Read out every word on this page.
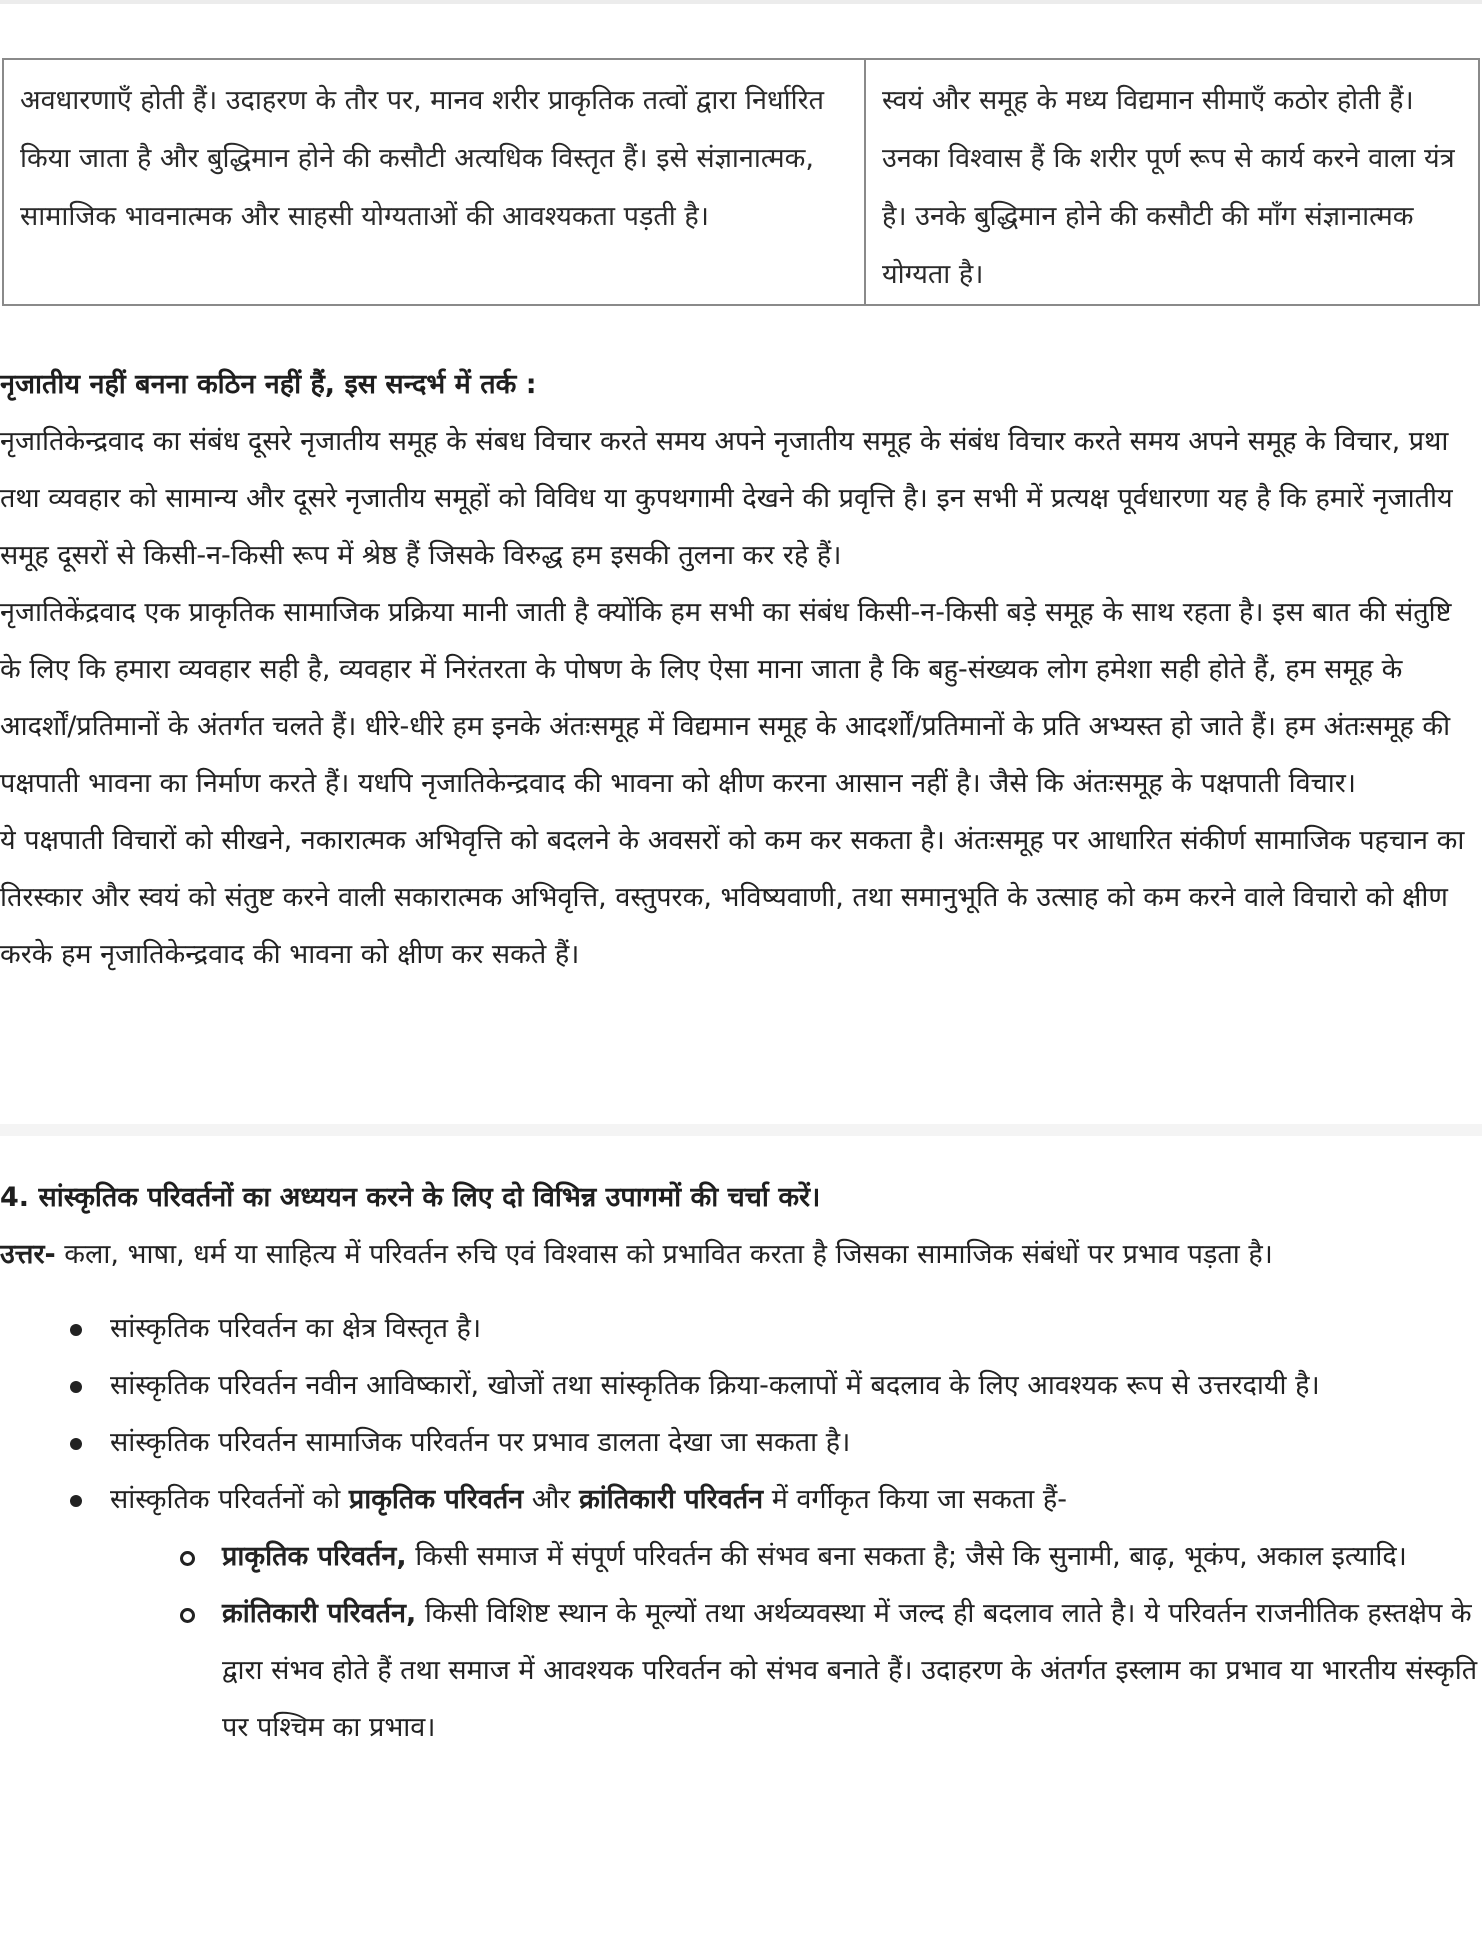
अवधारणाएँ होती हैं। उदाहरण के तौर पर, मानव शरीर प्राकृतिक तत्वों द्वारा निर्धारित किया जाता है और बुद्धिमान होने की कसौटी अत्यधिक विस्तृत हैं। इसे संज्ञानात्मक, सामाजिक भावनात्मक और साहसी योग्यताओं की आवश्यकता पड़ती है।	स्वयं और समूह के मध्य विद्यमान सीमाएँ कठोर होती हैं। उनका विश्वास हैं कि शरीर पूर्ण रूप से कार्य करने वाला यंत्र है। उनके बुद्धिमान होने की कसौटी की माँग संज्ञानात्मक योग्यता है।

नृजातीय नहीं बनना कठिन नहीं हैं, इस सन्दर्भ में तर्क :

नृजातिकेन्द्रवाद का संबंध दूसरे नृजातीय समूह के संबध विचार करते समय अपने नृजातीय समूह के संबंध विचार करते समय अपने समूह के विचार, प्रथा तथा व्यवहार को सामान्य और दूसरे नृजातीय समूहों को विविध या कुपथगामी देखने की प्रवृत्ति है। इन सभी में प्रत्यक्ष पूर्वधारणा यह है कि हमारें नृजातीय समूह दूसरों से किसी-न-किसी रूप में श्रेष्ठ हैं जिसके विरुद्ध हम इसकी तुलना कर रहे हैं।

नृजातिकेंद्रवाद एक प्राकृतिक सामाजिक प्रक्रिया मानी जाती है क्योंकि हम सभी का संबंध किसी-न-किसी बड़े समूह के साथ रहता है। इस बात की संतुष्टि के लिए कि हमारा व्यवहार सही है, व्यवहार में निरंतरता के पोषण के लिए ऐसा माना जाता है कि बहु-संख्यक लोग हमेशा सही होते हैं, हम समूह के आदर्शों/प्रतिमानों के अंतर्गत चलते हैं। धीरे-धीरे हम इनके अंतःसमूह में विद्यमान समूह के आदर्शों/प्रतिमानों के प्रति अभ्यस्त हो जाते हैं। हम अंतःसमूह की पक्षपाती भावना का निर्माण करते हैं। यधपि नृजातिकेन्द्रवाद की भावना को क्षीण करना आसान नहीं है। जैसे कि अंतःसमूह के पक्षपाती विचार।

ये पक्षपाती विचारों को सीखने, नकारात्मक अभिवृत्ति को बदलने के अवसरों को कम कर सकता है। अंतःसमूह पर आधारित संकीर्ण सामाजिक पहचान का तिरस्कार और स्वयं को संतुष्ट करने वाली सकारात्मक अभिवृत्ति, वस्तुपरक, भविष्यवाणी, तथा समानुभूति के उत्साह को कम करने वाले विचारो को क्षीण करके हम नृजातिकेन्द्रवाद की भावना को क्षीण कर सकते हैं।

4. सांस्कृतिक परिवर्तनों का अध्ययन करने के लिए दो विभिन्न उपागमों की चर्चा करें।

उत्तर- कला, भाषा, धर्म या साहित्य में परिवर्तन रुचि एवं विश्वास को प्रभावित करता है जिसका सामाजिक संबंधों पर प्रभाव पड़ता है।

सांस्कृतिक परिवर्तन का क्षेत्र विस्तृत है।
सांस्कृतिक परिवर्तन नवीन आविष्कारों, खोजों तथा सांस्कृतिक क्रिया-कलापों में बदलाव के लिए आवश्यक रूप से उत्तरदायी है।
सांस्कृतिक परिवर्तन सामाजिक परिवर्तन पर प्रभाव डालता देखा जा सकता है।
सांस्कृतिक परिवर्तनों को प्राकृतिक परिवर्तन और क्रांतिकारी परिवर्तन में वर्गीकृत किया जा सकता हैं-
प्राकृतिक परिवर्तन, किसी समाज में संपूर्ण परिवर्तन की संभव बना सकता है; जैसे कि सुनामी, बाढ़, भूकंप, अकाल इत्यादि।
क्रांतिकारी परिवर्तन, किसी विशिष्ट स्थान के मूल्यों तथा अर्थव्यवस्था में जल्द ही बदलाव लाते है। ये परिवर्तन राजनीतिक हस्तक्षेप के द्वारा संभव होते हैं तथा समाज में आवश्यक परिवर्तन को संभव बनाते हैं। उदाहरण के अंतर्गत इस्लाम का प्रभाव या भारतीय संस्कृति पर पश्चिम का प्रभाव।
